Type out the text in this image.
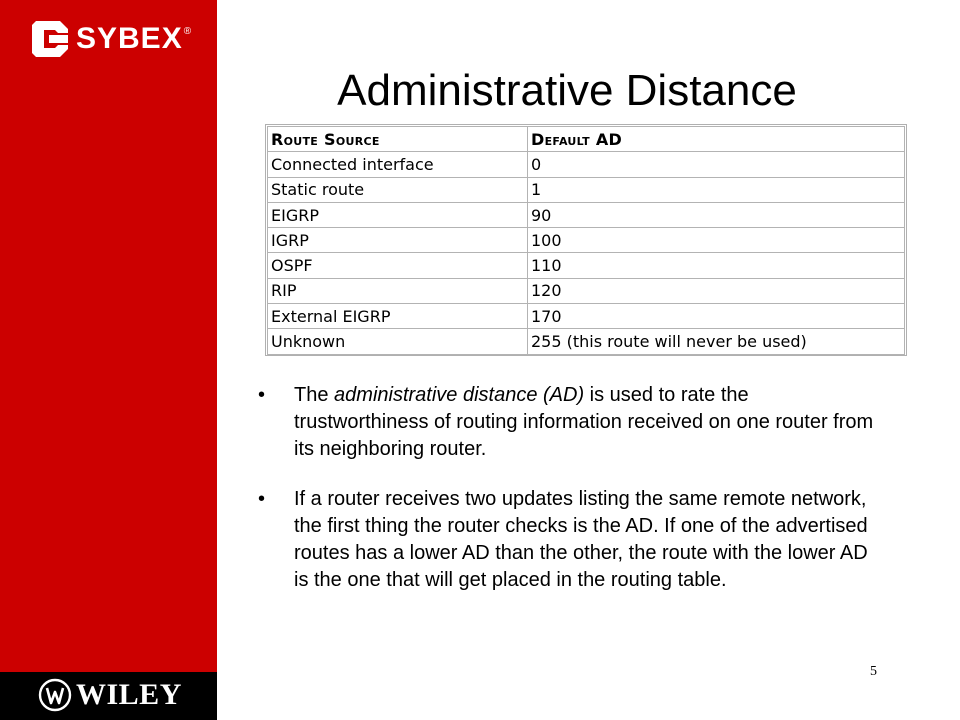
SYBEX ®
WILEY
Administrative Distance
Route Source	Default AD
Connected interface	0
Static route	1
EIGRP	90
IGRP	100
OSPF	110
RIP	120
External EIGRP	170
Unknown	255 (this route will never be used)
• The administrative distance (AD) is used to rate the trustworthiness of routing information received on one router from its neighboring router.
• If a router receives two updates listing the same remote network, the first thing the router checks is the AD. If one of the advertised routes has a lower AD than the other, the route with the lower AD is the one that will get placed in the routing table.
5
